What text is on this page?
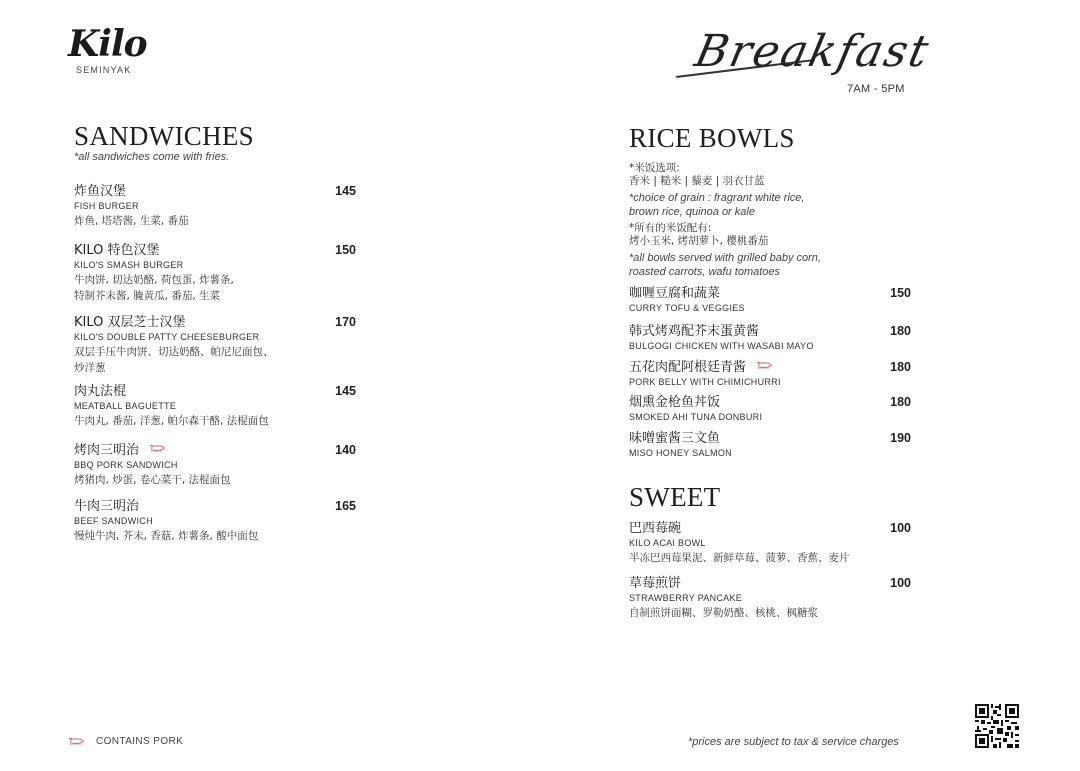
Kilo
SEMINYAK	Breakfast
7AM - 5PM
SANDWICHES
*all sandwiches come with fries.
炸鱼汉堡
FISH BURGER
炸鱼, 塔塔酱, 生菜, 番茄
145
KILO 特色汉堡
KILO'S SMASH BURGER
牛肉饼, 切达奶酪, 荷包蛋, 炸薯条,
特制芥末酱, 腌黄瓜, 番茄, 生菜
150
KILO 双层芝士汉堡
KILO'S DOUBLE PATTY CHEESEBURGER
双层手压牛肉饼、切达奶酪、帕尼尼面包、
炒洋葱
170
肉丸法棍
MEATBALL BAGUETTE
牛肉丸, 番茄, 洋葱, 帕尔森干酪, 法棍面包
145
烤肉三明治
BBQ PORK SANDWICH
烤猪肉, 炒蛋, 卷心菜干, 法棍面包
140
牛肉三明治
BEEF SANDWICH
慢炖牛肉, 芥末, 香菇, 炸薯条, 酸中面包
165
RICE BOWLS
*米饭选项:
香米 | 糙米 | 藜麦 | 羽衣甘蓝
*choice of grain : fragrant white rice,
brown rice, quinoa or kale
*所有的米饭配有:
烤小玉米, 烤胡萝卜, 樱桃番茄
*all bowls served with grilled baby corn,
roasted carrots, wafu tomatoes
咖喱豆腐和蔬菜
CURRY TOFU & VEGGIES
150
韩式烤鸡配芥末蛋黄酱
BULGOGI CHICKEN WITH WASABI MAYO
180
五花肉配阿根廷青酱
PORK BELLY WITH CHIMICHURRI
180
烟熏金枪鱼丼饭
SMOKED AHI TUNA DONBURI
180
味噌蜜酱三文鱼
MISO HONEY SALMON
190
SWEET
巴西莓碗
KILO ACAI BOWL
半冻巴西莓果泥、新鲜草莓、菠萝、香蕉、麦片
100
草莓煎饼
STRAWBERRY PANCAKE
自制煎饼面糊、罗勒奶酪、核桃、枫糖浆
100
CONTAINS PORK	*prices are subject to tax & service charges
